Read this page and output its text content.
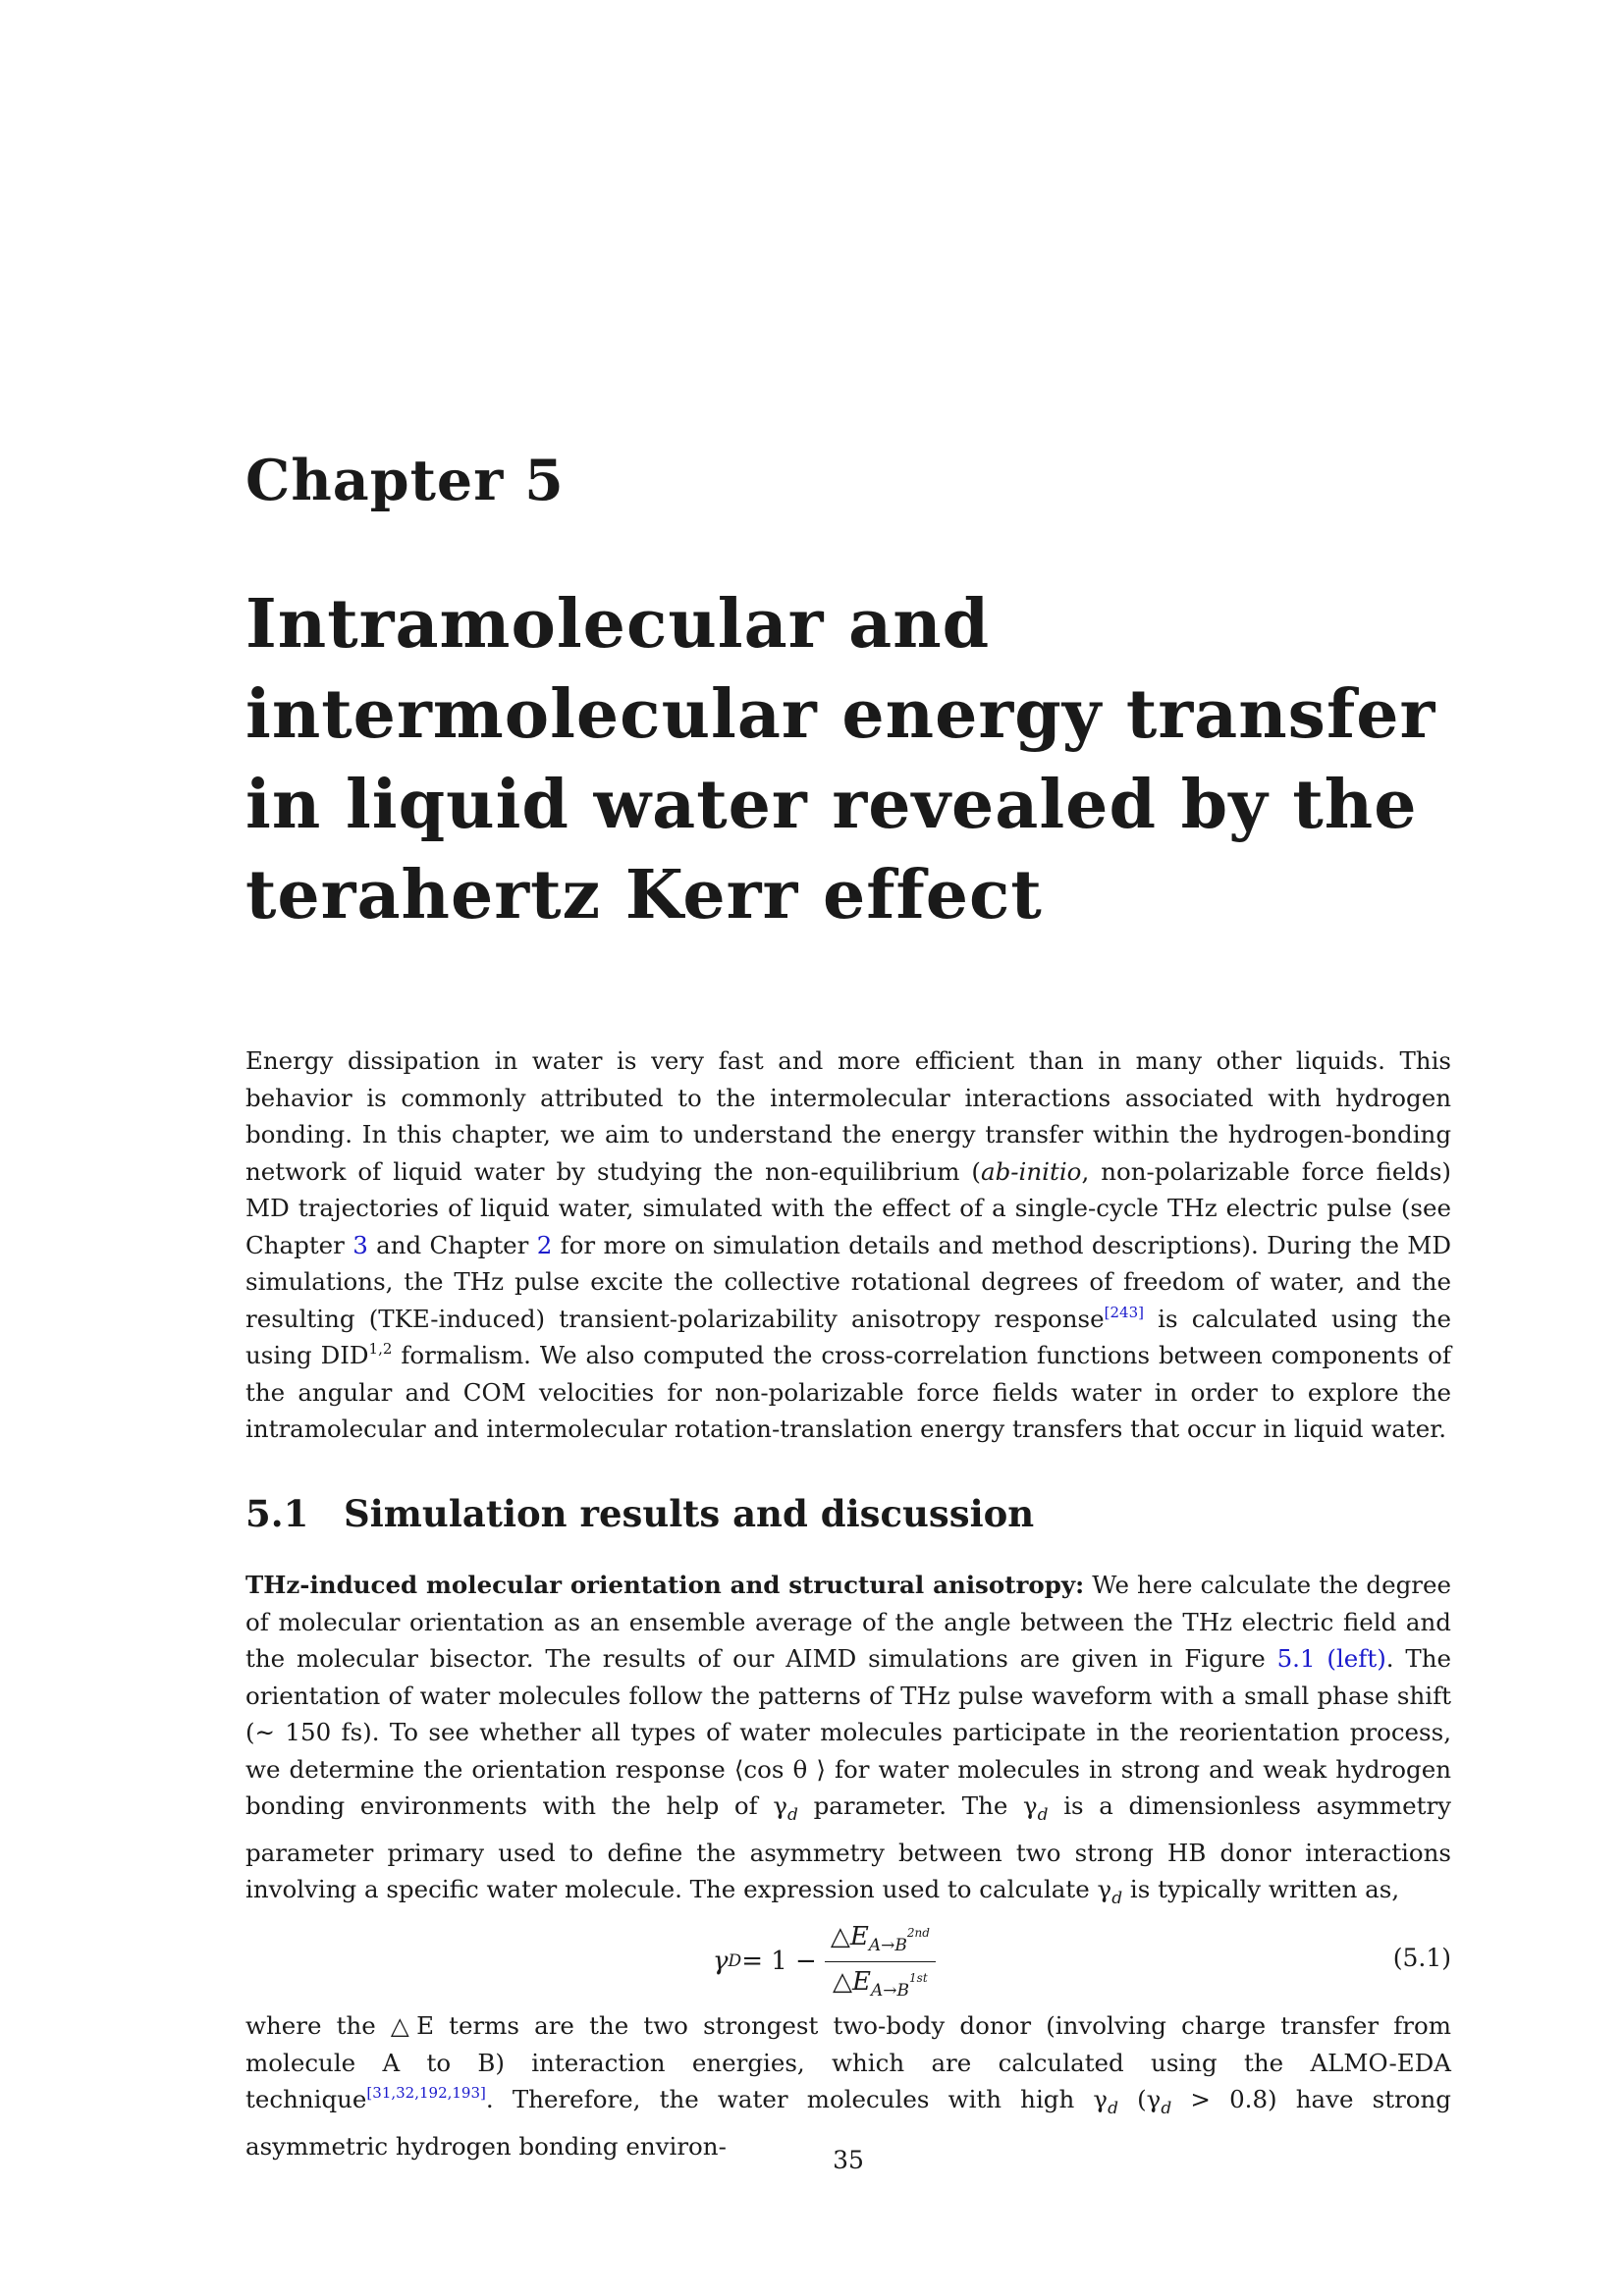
Chapter 5
Intramolecular and intermolecular energy transfer in liquid water revealed by the terahertz Kerr effect
Energy dissipation in water is very fast and more efficient than in many other liquids. This behavior is commonly attributed to the intermolecular interactions associated with hydrogen bonding. In this chapter, we aim to understand the energy transfer within the hydrogen-bonding network of liquid water by studying the non-equilibrium (ab-initio, non-polarizable force fields) MD trajectories of liquid water, simulated with the effect of a single-cycle THz electric pulse (see Chapter 3 and Chapter 2 for more on simulation details and method descriptions). During the MD simulations, the THz pulse excite the collective rotational degrees of freedom of water, and the resulting (TKE-induced) transient-polarizability anisotropy response[243] is calculated using the using DID$^{1,2}$ formalism. We also computed the cross-correlation functions between components of the angular and COM velocities for non-polarizable force fields water in order to explore the intramolecular and intermolecular rotation-translation energy transfers that occur in liquid water.
5.1 Simulation results and discussion
THz-induced molecular orientation and structural anisotropy: We here calculate the degree of molecular orientation as an ensemble average of the angle between the THz electric field and the molecular bisector. The results of our AIMD simulations are given in Figure 5.1 (left). The orientation of water molecules follow the patterns of THz pulse waveform with a small phase shift (∼ 150 fs). To see whether all types of water molecules participate in the reorientation process, we determine the orientation response ⟨cos θ ⟩ for water molecules in strong and weak hydrogen bonding environments with the help of $\gamma_d$ parameter. The $\gamma_d$ is a dimensionless asymmetry parameter primary used to define the asymmetry between two strong HB donor interactions involving a specific water molecule. The expression used to calculate $\gamma_d$ is typically written as,
γ $D = 1 - \frac{\triangle E_{A\to B}^{2nd}}{\triangle E_{A\to B}^{1st}}$	(5.1)
where the △E terms are the two strongest two-body donor (involving charge transfer from molecule A to B) interaction energies, which are calculated using the ALMO-EDA technique[31,32,192,193]. Therefore, the water molecules with high $\gamma_d$ $(\gamma_d > 0.8)$ have strong asymmetric hydrogen bonding environ-	35
